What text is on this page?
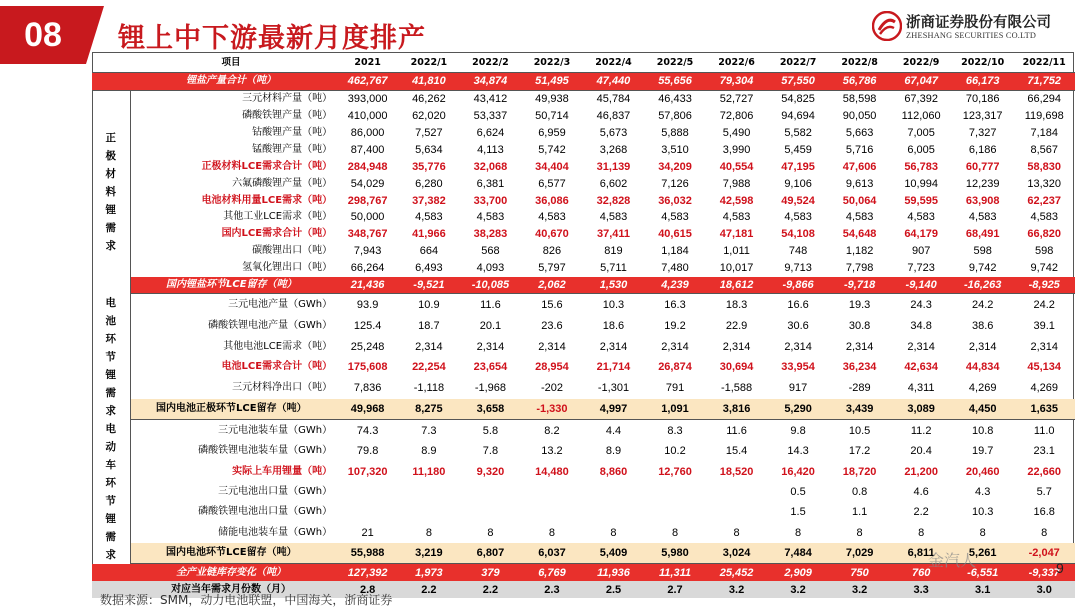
08 锂上中下游最新月度排产	浙商证券股份有限公司
ZHESHANG SECURITIES CO.LTD
	项目	2021	2022/1	2022/2	2022/3	2022/4	2022/5	2022/6	2022/7	2022/8	2022/9	2022/10	2022/11
	锂盐产量合计（吨）	462,767	41,810	34,874	51,495	47,440	55,656	79,304	57,550	56,786	67,047	66,173	71,752
正极材料锂需求	三元材料产量（吨）	393,000	46,262	43,412	49,938	45,784	46,433	52,727	54,825	58,598	67,392	70,186	66,294
	磷酸铁锂产量（吨）	410,000	62,020	53,337	50,714	46,837	57,806	72,806	94,694	90,050	112,060	123,317	119,698
	钴酸锂产量（吨）	86,000	7,527	6,624	6,959	5,673	5,888	5,490	5,582	5,663	7,005	7,327	7,184
	锰酸锂产量（吨）	87,400	5,634	4,113	5,742	3,268	3,510	3,990	5,459	5,716	6,005	6,186	8,567
	正极材料LCE需求合计（吨）	284,948	35,776	32,068	34,404	31,139	34,209	40,554	47,195	47,606	56,783	60,777	58,830
	六氟磷酸锂产量（吨）	54,029	6,280	6,381	6,577	6,602	7,126	7,988	9,106	9,613	10,994	12,239	13,320
	电池材料用量LCE需求（吨）	298,767	37,382	33,700	36,086	32,828	36,032	42,598	49,524	50,064	59,595	63,908	62,237
	其他工业LCE需求（吨）	50,000	4,583	4,583	4,583	4,583	4,583	4,583	4,583	4,583	4,583	4,583	4,583
	国内LCE需求合计（吨）	348,767	41,966	38,283	40,670	37,411	40,615	47,181	54,108	54,648	64,179	68,491	66,820
	碳酸锂出口（吨）	7,943	664	568	826	819	1,184	1,011	748	1,182	907	598	598
	氢氧化锂出口（吨）	66,264	6,493	4,093	5,797	5,711	7,480	10,017	9,713	7,798	7,723	9,742	9,742
	国内锂盐环节LCE留存（吨）	21,436	-9,521	-10,085	2,062	1,530	4,239	18,612	-9,866	-9,718	-9,140	-16,263	-8,925
电池环节锂需求	三元电池产量（GWh）	93.9	10.9	11.6	15.6	10.3	16.3	18.3	16.6	19.3	24.3	24.2	24.2
	磷酸铁锂电池产量（GWh）	125.4	18.7	20.1	23.6	18.6	19.2	22.9	30.6	30.8	34.8	38.6	39.1
	其他电池LCE需求（吨）	25,248	2,314	2,314	2,314	2,314	2,314	2,314	2,314	2,314	2,314	2,314	2,314
	电池LCE需求合计（吨）	175,608	22,254	23,654	28,954	21,714	26,874	30,694	33,954	36,234	42,634	44,834	45,134
	三元材料净出口（吨）	7,836	-1,118	-1,968	-202	-1,301	791	-1,588	917	-289	4,311	4,269	4,269
	国内电池正极环节LCE留存（吨）	49,968	8,275	3,658	-1,330	4,997	1,091	3,816	5,290	3,439	3,089	4,450	1,635
电动车环节锂需求	三元电池装车量（GWh）	74.3	7.3	5.8	8.2	4.4	8.3	11.6	9.8	10.5	11.2	10.8	11.0
	磷酸铁锂电池装车量（GWh）	79.8	8.9	7.8	13.2	8.9	10.2	15.4	14.3	17.2	20.4	19.7	23.1
	实际上车用锂量（吨）	107,320	11,180	9,320	14,480	8,860	12,760	18,520	16,420	18,720	21,200	20,460	22,660
	三元电池出口量（GWh）								0.5	0.8	4.6	4.3	5.7
	磷酸铁锂电池出口量（GWh）								1.5	1.1	2.2	10.3	16.8
	储能电池装车量（GWh）	21	8	8	8	8	8	8	8	8	8	8	8
	国内电池环节LCE留存（吨）	55,988	3,219	6,807	6,037	5,409	5,980	3,024	7,484	7,029	6,811	5,261	-2,047
	全产业链库存变化（吨）	127,392	1,973	379	6,769	11,936	11,311	25,452	2,909	750	760	-6,551	-9,337
	对应当年需求月份数（月）	2.8	2.2	2.2	2.3	2.5	2.7	3.2	3.2	3.2	3.3	3.1	3.0
数据来源：SMM，动力电池联盟，中国海关，浙商证券
金汽人	9
